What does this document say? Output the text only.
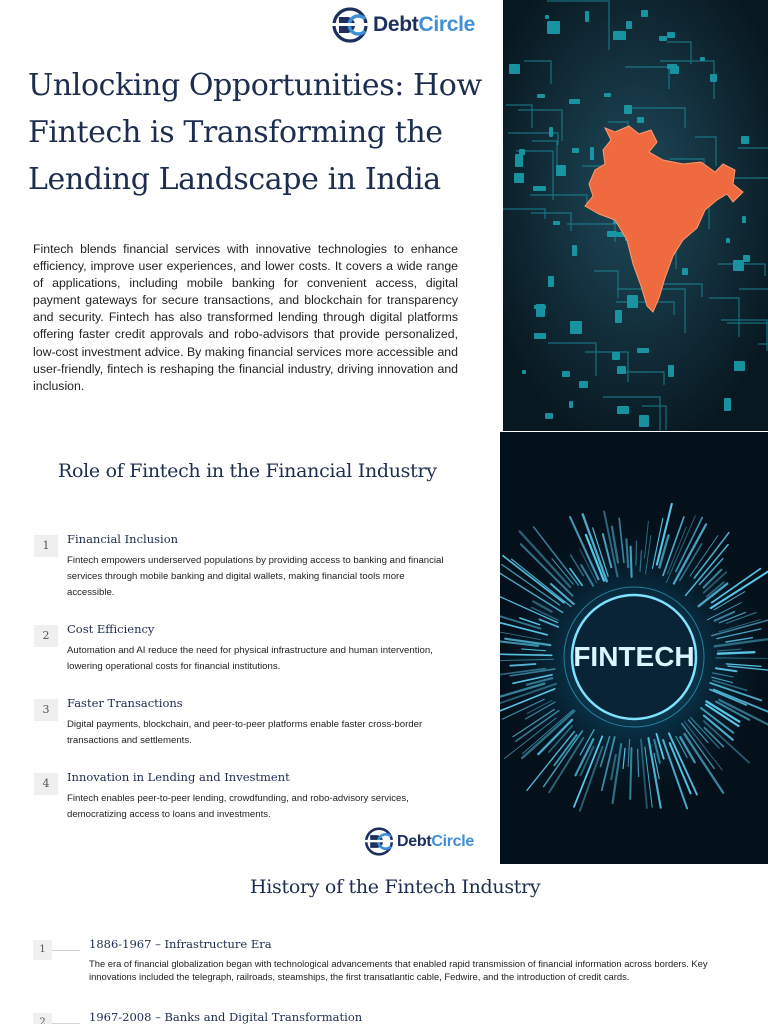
DebtCircle
Unlocking Opportunities: How Fintech is Transforming the Lending Landscape in India

Fintech blends financial services with innovative technologies to enhance efficiency, improve user experiences, and lower costs. It covers a wide range of applications, including mobile banking for convenient access, digital payment gateways for secure transactions, and blockchain for transparency and security. Fintech has also transformed lending through digital platforms offering faster credit approvals and robo-advisors that provide personalized, low-cost investment advice. By making financial services more accessible and user-friendly, fintech is reshaping the financial industry, driving innovation and inclusion.

Role of Fintech in the Financial Industry
1	Financial Inclusion
Fintech empowers underserved populations by providing access to banking and financial services through mobile banking and digital wallets, making financial tools more accessible.
2	Cost Efficiency
Automation and AI reduce the need for physical infrastructure and human intervention, lowering operational costs for financial institutions.
3	Faster Transactions
Digital payments, blockchain, and peer-to-peer platforms enable faster cross-border transactions and settlements.
4	Innovation in Lending and Investment
Fintech enables peer-to-peer lending, crowdfunding, and robo-advisory services, democratizing access to loans and investments.
FINTECH
DebtCircle
History of the Fintech Industry
1	1886-1967 – Infrastructure Era
The era of financial globalization began with technological advancements that enabled rapid transmission of financial information across borders. Key innovations included the telegraph, railroads, steamships, the first transatlantic cable, Fedwire, and the introduction of credit cards.
2	1967-2008 – Banks and Digital Transformation
